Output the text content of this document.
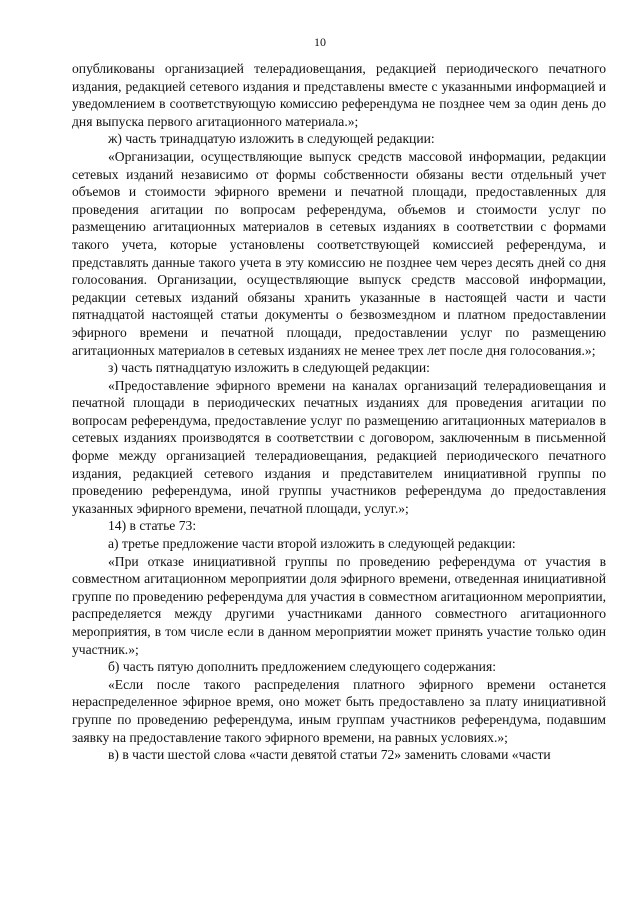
10

опубликованы организацией телерадиовещания, редакцией периодического печатного издания, редакцией сетевого издания и представлены вместе с указанными информацией и уведомлением в соответствующую комиссию референдума не позднее чем за один день до дня выпуска первого агитационного материала.»;

ж) часть тринадцатую изложить в следующей редакции:

«Организации, осуществляющие выпуск средств массовой информации, редакции сетевых изданий независимо от формы собственности обязаны вести отдельный учет объемов и стоимости эфирного времени и печатной площади, предоставленных для проведения агитации по вопросам референдума, объемов и стоимости услуг по размещению агитационных материалов в сетевых изданиях в соответствии с формами такого учета, которые установлены соответствующей комиссией референдума, и представлять данные такого учета в эту комиссию не позднее чем через десять дней со дня голосования. Организации, осуществляющие выпуск средств массовой информации, редакции сетевых изданий обязаны хранить указанные в настоящей части и части пятнадцатой настоящей статьи документы о безвозмездном и платном предоставлении эфирного времени и печатной площади, предоставлении услуг по размещению агитационных материалов в сетевых изданиях не менее трех лет после дня голосования.»;

з) часть пятнадцатую изложить в следующей редакции:

«Предоставление эфирного времени на каналах организаций телерадиовещания и печатной площади в периодических печатных изданиях для проведения агитации по вопросам референдума, предоставление услуг по размещению агитационных материалов в сетевых изданиях производятся в соответствии с договором, заключенным в письменной форме между организацией телерадиовещания, редакцией периодического печатного издания, редакцией сетевого издания и представителем инициативной группы по проведению референдума, иной группы участников референдума до предоставления указанных эфирного времени, печатной площади, услуг.»;

14) в статье 73:

а) третье предложение части второй изложить в следующей редакции:

«При отказе инициативной группы по проведению референдума от участия в совместном агитационном мероприятии доля эфирного времени, отведенная инициативной группе по проведению референдума для участия в совместном агитационном мероприятии, распределяется между другими участниками данного совместного агитационного мероприятия, в том числе если в данном мероприятии может принять участие только один участник.»;

б) часть пятую дополнить предложением следующего содержания:

«Если после такого распределения платного эфирного времени останется нераспределенное эфирное время, оно может быть предоставлено за плату инициативной группе по проведению референдума, иным группам участников референдума, подавшим заявку на предоставление такого эфирного времени, на равных условиях.»;

в) в части шестой слова «части девятой статьи 72» заменить словами «части
